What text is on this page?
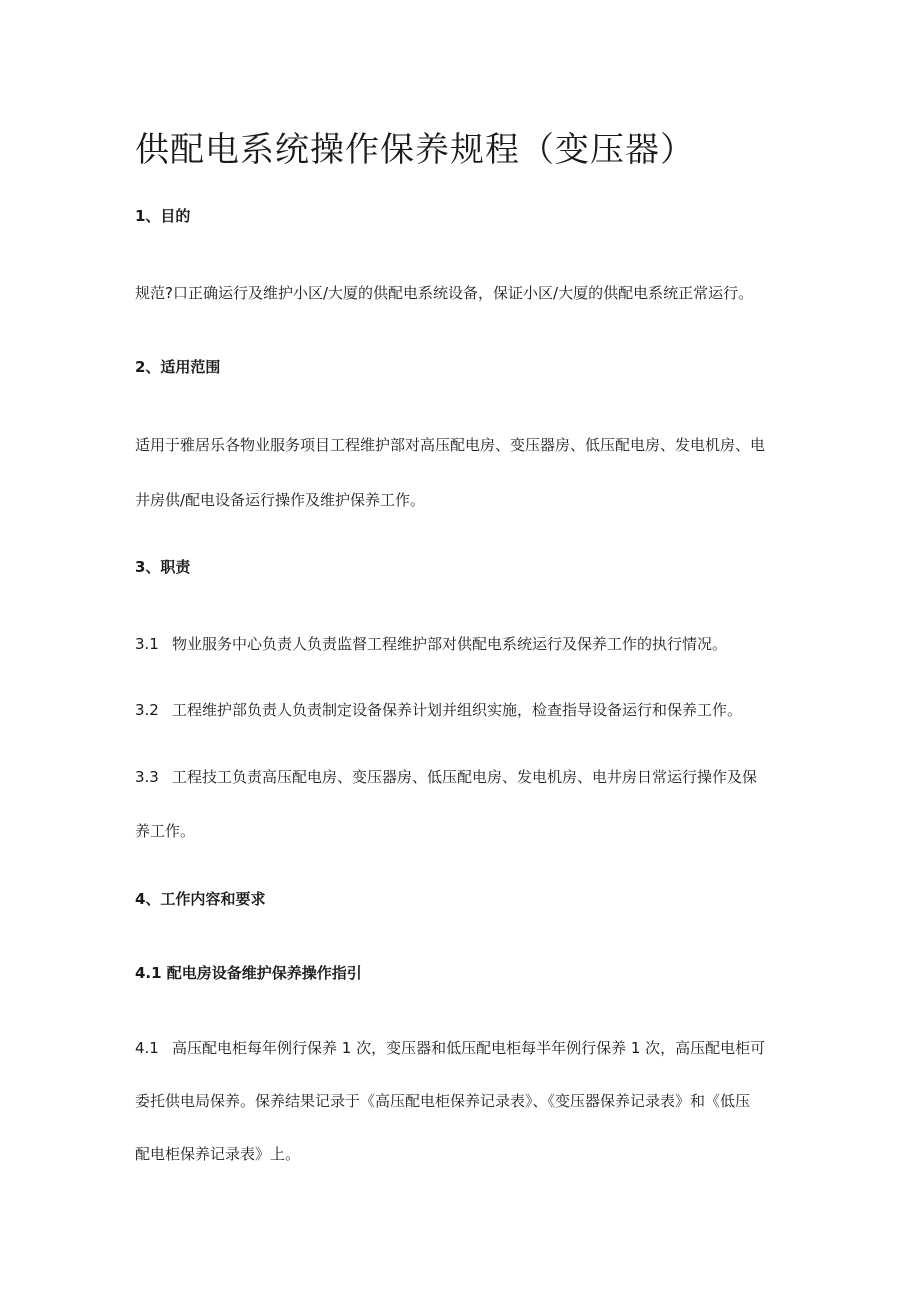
供配电系统操作保养规程（变压器）
1、目的

规范?口正确运行及维护小区/大厦的供配电系统设备，保证小区/大厦的供配电系统正常运行。

2、适用范围

适用于雅居乐各物业服务项目工程维护部对高压配电房、变压器房、低压配电房、发电机房、电
井房供/配电设备运行操作及维护保养工作。

3、职责

3.1 物业服务中心负责人负责监督工程维护部对供配电系统运行及保养工作的执行情况。

3.2 工程维护部负责人负责制定设备保养计划并组织实施，检查指导设备运行和保养工作。

3.3 工程技工负责高压配电房、变压器房、低压配电房、发电机房、电井房日常运行操作及保
养工作。

4、工作内容和要求
4.1 配电房设备维护保养操作指引

4.1 高压配电柜每年例行保养 1 次，变压器和低压配电柜每半年例行保养 1 次，高压配电柜可
委托供电局保养。保养结果记录于《高压配电柜保养记录表》、《变压器保养记录表》和《低压
配电柜保养记录表》上。
